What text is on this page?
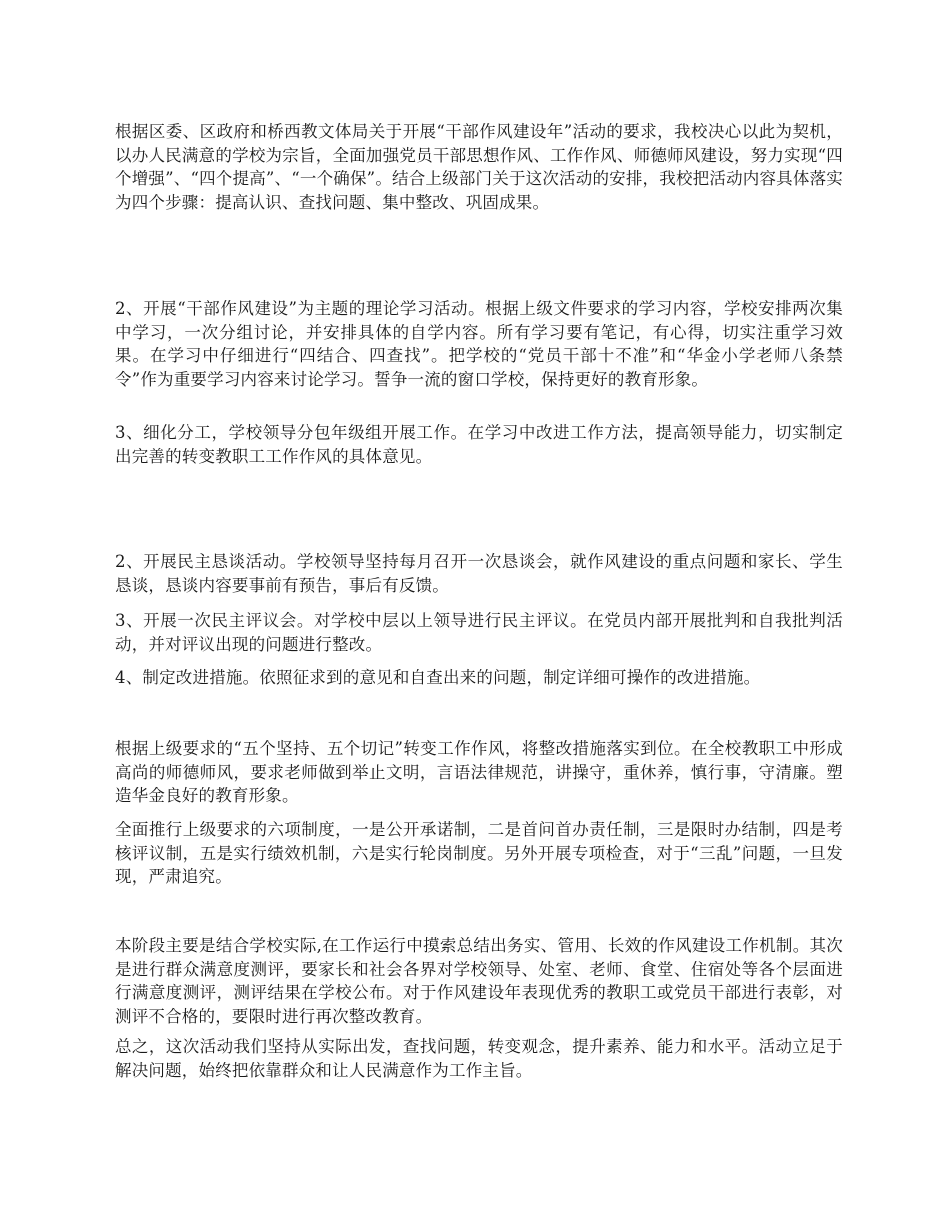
根据区委、区政府和桥西教文体局关于开展“干部作风建设年”活动的要求，我校决心以此为契机，以办人民满意的学校为宗旨，全面加强党员干部思想作风、工作作风、师德师风建设，努力实现“四个增强”、“四个提高”、“一个确保”。结合上级部门关于这次活动的安排，我校把活动内容具体落实为四个步骤：提高认识、查找问题、集中整改、巩固成果。

2、开展“干部作风建设”为主题的理论学习活动。根据上级文件要求的学习内容，学校安排两次集中学习，一次分组讨论，并安排具体的自学内容。所有学习要有笔记，有心得，切实注重学习效果。在学习中仔细进行“四结合、四查找”。把学校的“党员干部十不准”和“华金小学老师八条禁令”作为重要学习内容来讨论学习。誓争一流的窗口学校，保持更好的教育形象。

3、细化分工，学校领导分包年级组开展工作。在学习中改进工作方法，提高领导能力，切实制定出完善的转变教职工工作作风的具体意见。

2、开展民主恳谈活动。学校领导坚持每月召开一次恳谈会，就作风建设的重点问题和家长、学生恳谈，恳谈内容要事前有预告，事后有反馈。

3、开展一次民主评议会。对学校中层以上领导进行民主评议。在党员内部开展批判和自我批判活动，并对评议出现的问题进行整改。

4、制定改进措施。依照征求到的意见和自查出来的问题，制定详细可操作的改进措施。

根据上级要求的“五个坚持、五个切记”转变工作作风，将整改措施落实到位。在全校教职工中形成高尚的师德师风，要求老师做到举止文明，言语法律规范，讲操守，重休养，慎行事，守清廉。塑造华金良好的教育形象。

全面推行上级要求的六项制度，一是公开承诺制，二是首问首办责任制，三是限时办结制，四是考核评议制，五是实行绩效机制，六是实行轮岗制度。另外开展专项检查，对于“三乱”问题，一旦发现，严肃追究。

本阶段主要是结合学校实际,在工作运行中摸索总结出务实、管用、长效的作风建设工作机制。其次是进行群众满意度测评，要家长和社会各界对学校领导、处室、老师、食堂、住宿处等各个层面进行满意度测评，测评结果在学校公布。对于作风建设年表现优秀的教职工或党员干部进行表彰，对测评不合格的，要限时进行再次整改教育。

总之，这次活动我们坚持从实际出发，查找问题，转变观念，提升素养、能力和水平。活动立足于解决问题，始终把依靠群众和让人民满意作为工作主旨。
